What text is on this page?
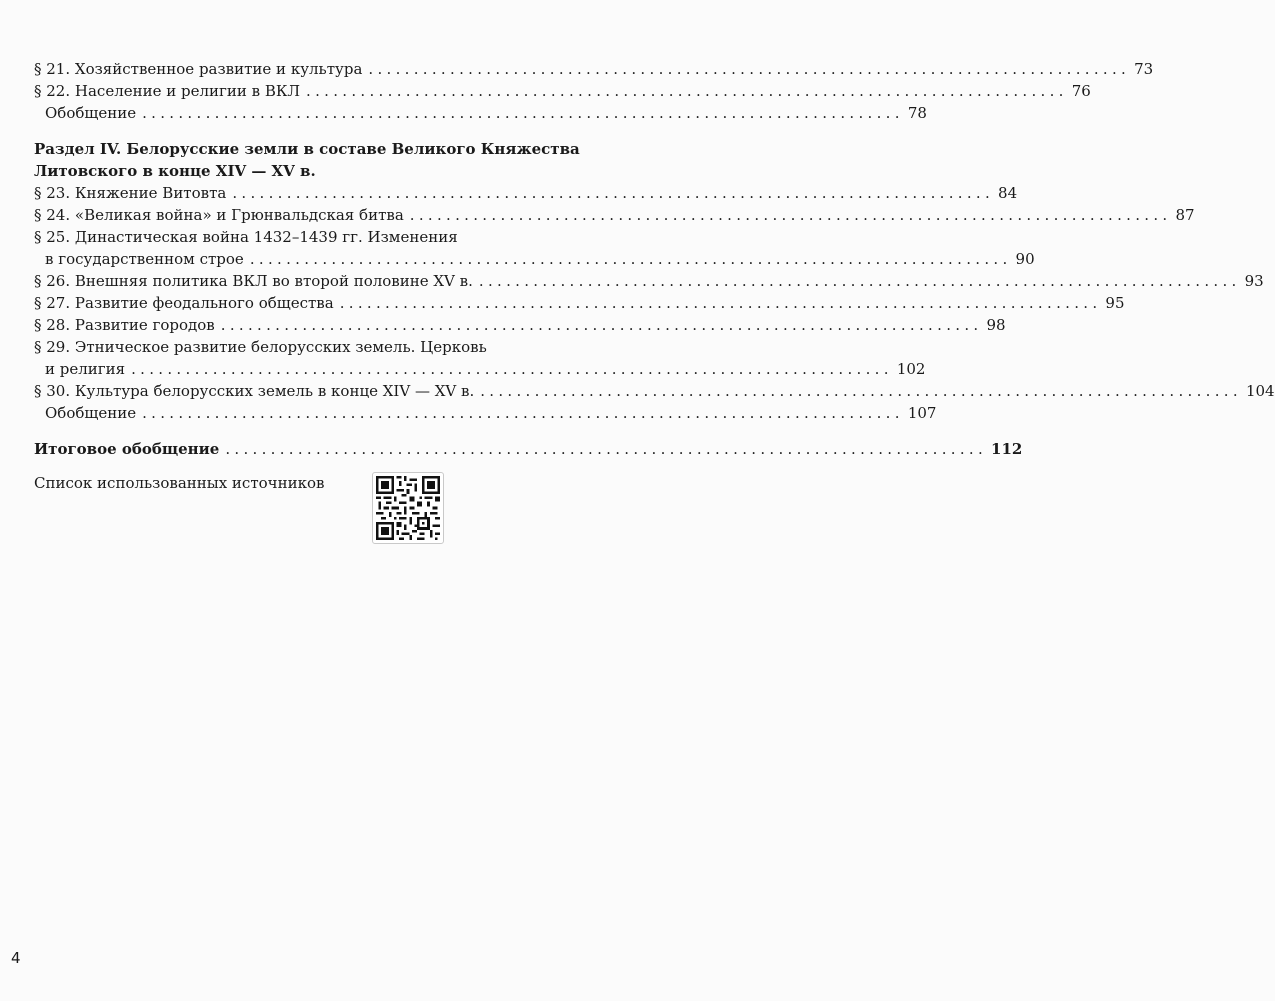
§ 21. Хозяйственное развитие и культура .................................................................................... 73
§ 22. Население и религии в ВКЛ .................................................................................... 76
Обобщение .................................................................................... 78
Раздел IV. Белорусские земли в составе Великого Княжества
Литовского в конце XIV — XV в.
§ 23. Княжение Витовта .................................................................................... 84
§ 24. «Великая война» и Грюнвальдская битва .................................................................................... 87
§ 25. Династическая война 1432–1439 гг. Изменения
в государственном строе .................................................................................... 90
§ 26. Внешняя политика ВКЛ во второй половине XV в. .................................................................................... 93
§ 27. Развитие феодального общества .................................................................................... 95
§ 28. Развитие городов .................................................................................... 98
§ 29. Этническое развитие белорусских земель. Церковь
и религия .................................................................................... 102
§ 30. Культура белорусских земель в конце XIV — XV в. .................................................................................... 104
Обобщение .................................................................................... 107
Итоговое обобщение .................................................................................... 112
Список использованных источников
4
